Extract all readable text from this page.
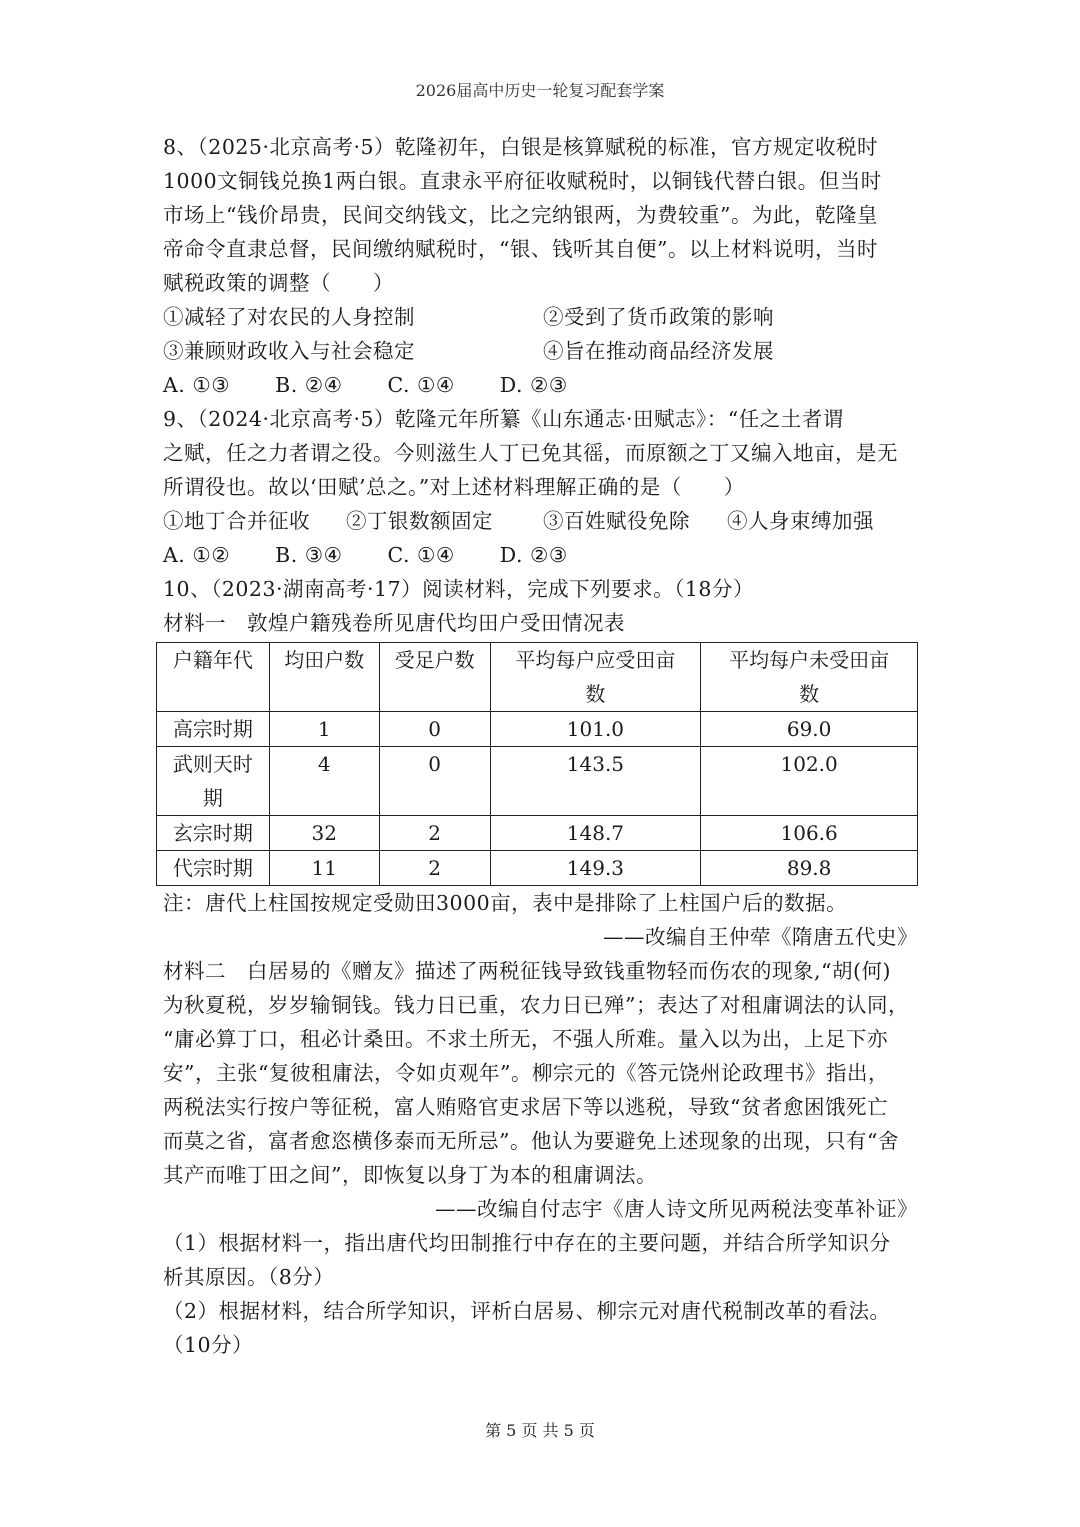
2026届高中历史一轮复习配套学案
8、（2025·北京高考·5）乾隆初年，白银是核算赋税的标准，官方规定收税时
1000文铜钱兑换1两白银。直隶永平府征收赋税时，以铜钱代替白银。但当时
市场上“钱价昂贵，民间交纳钱文，比之完纳银两，为费较重”。为此，乾隆皇
帝命令直隶总督，民间缴纳赋税时，“银、钱听其自便”。以上材料说明，当时
赋税政策的调整（　　）
①减轻了对农民的人身控制	②受到了货币政策的影响
③兼顾财政收入与社会稳定	④旨在推动商品经济发展
A. ①③ B. ②④ C. ①④ D. ②③
9、（2024·北京高考·5）乾隆元年所纂《山东通志·田赋志》：“任之土者谓
之赋，任之力者谓之役。今则滋生人丁已免其徭，而原额之丁又编入地亩，是无
所谓役也。故以‘田赋’总之。”对上述材料理解正确的是（　　）
①地丁合并征收 ②丁银数额固定 ③百姓赋役免除 ④人身束缚加强
A. ①② B. ③④ C. ①④ D. ②③
10、（2023·湖南高考·17）阅读材料，完成下列要求。（18分）
材料一　敦煌户籍残卷所见唐代均田户受田情况表
户籍年代	均田户数	受足户数	平均每户应受田亩数	平均每户未受田亩数
高宗时期	1	0	101.0	69.0
武则天时期	4	0	143.5	102.0
玄宗时期	32	2	148.7	106.6
代宗时期	11	2	149.3	89.8
注：唐代上柱国按规定受勋田3000亩，表中是排除了上柱国户后的数据。
——改编自王仲荦《隋唐五代史》
材料二　白居易的《赠友》描述了两税征钱导致钱重物轻而伤农的现象,“胡(何)
为秋夏税，岁岁输铜钱。钱力日已重，农力日已殚”；表达了对租庸调法的认同，
“庸必算丁口，租必计桑田。不求土所无，不强人所难。量入以为出，上足下亦
安”，主张“复彼租庸法，令如贞观年”。柳宗元的《答元饶州论政理书》指出，
两税法实行按户等征税，富人贿赂官吏求居下等以逃税，导致“贫者愈困饿死亡
而莫之省，富者愈恣横侈泰而无所忌”。他认为要避免上述现象的出现，只有“舍
其产而唯丁田之间”，即恢复以身丁为本的租庸调法。
——改编自付志宇《唐人诗文所见两税法变革补证》
（1）根据材料一，指出唐代均田制推行中存在的主要问题，并结合所学知识分
析其原因。（8分）
（2）根据材料，结合所学知识，评析白居易、柳宗元对唐代税制改革的看法。
（10分）
第 5 页 共 5 页
